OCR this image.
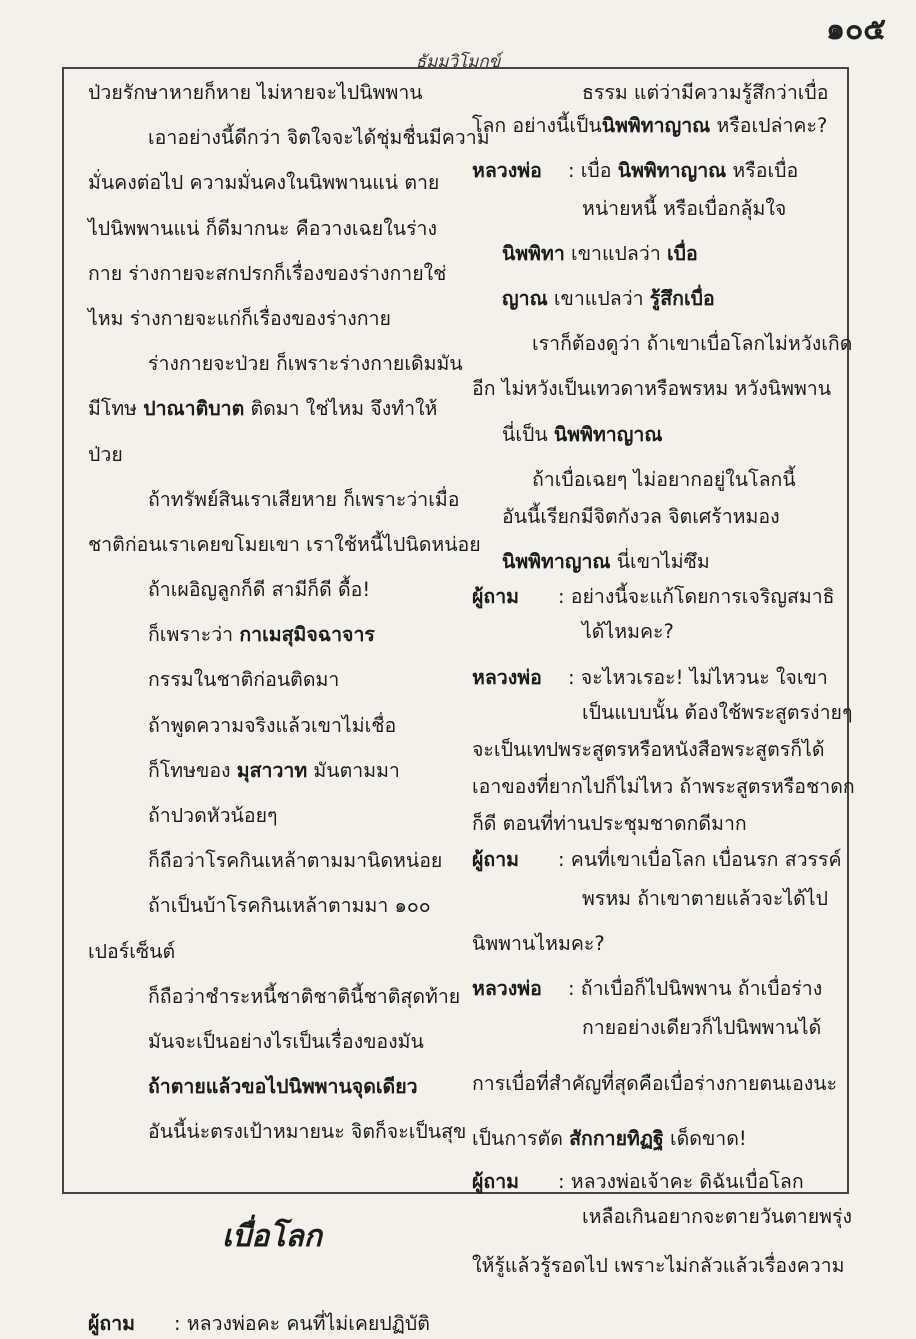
๑๐๕
ธัมมวิโมกข์
ป่วยรักษาหายก็หาย ไม่หายจะไปนิพพาน
เอาอย่างนี้ดีกว่า จิตใจจะได้ชุ่มชื่นมีความ
มั่นคงต่อไป ความมั่นคงในนิพพานแน่ ตาย
ไปนิพพานแน่ ก็ดีมากนะ คือวางเฉยในร่าง
กาย ร่างกายจะสกปรกก็เรื่องของร่างกายใช่
ไหม ร่างกายจะแก่ก็เรื่องของร่างกาย
ร่างกายจะป่วย ก็เพราะร่างกายเดิมมัน
มีโทษ ปาณาติบาต ติดมา ใช่ไหม จึงทำให้
ป่วย
ถ้าทรัพย์สินเราเสียหาย ก็เพราะว่าเมื่อ
ชาติก่อนเราเคยขโมยเขา เราใช้หนี้ไปนิดหน่อย
ถ้าเผอิญลูกก็ดี สามีก็ดี ดื้อ!
ก็เพราะว่า กาเมสุมิจฉาจาร
กรรมในชาติก่อนติดมา
ถ้าพูดความจริงแล้วเขาไม่เชื่อ
ก็โทษของ มุสาวาท มันตามมา
ถ้าปวดหัวน้อยๆ
ก็ถือว่าโรคกินเหล้าตามมานิดหน่อย
ถ้าเป็นบ้าโรคกินเหล้าตามมา ๑๐๐
เปอร์เซ็นต์
ก็ถือว่าชำระหนี้ชาติชาตินี้ชาติสุดท้าย
มันจะเป็นอย่างไรเป็นเรื่องของมัน
ถ้าตายแล้วขอไปนิพพานจุดเดียว
อันนี้น่ะตรงเป้าหมายนะ จิตก็จะเป็นสุข
เบื่อโลก
ผู้ถาม : หลวงพ่อคะ คนที่ไม่เคยปฏิบัติ
ธรรม แต่ว่ามีความรู้สึกว่าเบื่อ
โลก อย่างนี้เป็นนิพพิทาญาณ หรือเปล่าคะ?
หลวงพ่อ : เบื่อ นิพพิทาญาณ หรือเบื่อ
หน่ายหนี้ หรือเบื่อกลุ้มใจ
นิพพิทา เขาแปลว่า เบื่อ
ญาณ เขาแปลว่า รู้สึกเบื่อ
เราก็ต้องดูว่า ถ้าเขาเบื่อโลกไม่หวังเกิด
อีก ไม่หวังเป็นเทวดาหรือพรหม หวังนิพพาน
นี่เป็น นิพพิทาญาณ
ถ้าเบื่อเฉยๆ ไม่อยากอยู่ในโลกนี้
อันนี้เรียกมีจิตกังวล จิตเศร้าหมอง
นิพพิทาญาณ นี่เขาไม่ซึม
ผู้ถาม : อย่างนี้จะแก้โดยการเจริญสมาธิ
ได้ไหมคะ?
หลวงพ่อ : จะไหวเรอะ! ไม่ไหวนะ ใจเขา
เป็นแบบนั้น ต้องใช้พระสูตรง่ายๆ
จะเป็นเทปพระสูตรหรือหนังสือพระสูตรก็ได้
เอาของที่ยากไปก็ไม่ไหว ถ้าพระสูตรหรือชาดก
ก็ดี ตอนที่ท่านประชุมชาดกดีมาก
ผู้ถาม : คนที่เขาเบื่อโลก เบื่อนรก สวรรค์
พรหม ถ้าเขาตายแล้วจะได้ไป
นิพพานไหมคะ?
หลวงพ่อ : ถ้าเบื่อก็ไปนิพพาน ถ้าเบื่อร่าง
กายอย่างเดียวก็ไปนิพพานได้
การเบื่อที่สำคัญที่สุดคือเบื่อร่างกายตนเองนะ
เป็นการตัด สักกายทิฏฐิ เด็ดขาด!
ผู้ถาม : หลวงพ่อเจ้าคะ ดิฉันเบื่อโลก
เหลือเกินอยากจะตายวันตายพรุ่ง
ให้รู้แล้วรู้รอดไป เพราะไม่กลัวแล้วเรื่องความ
